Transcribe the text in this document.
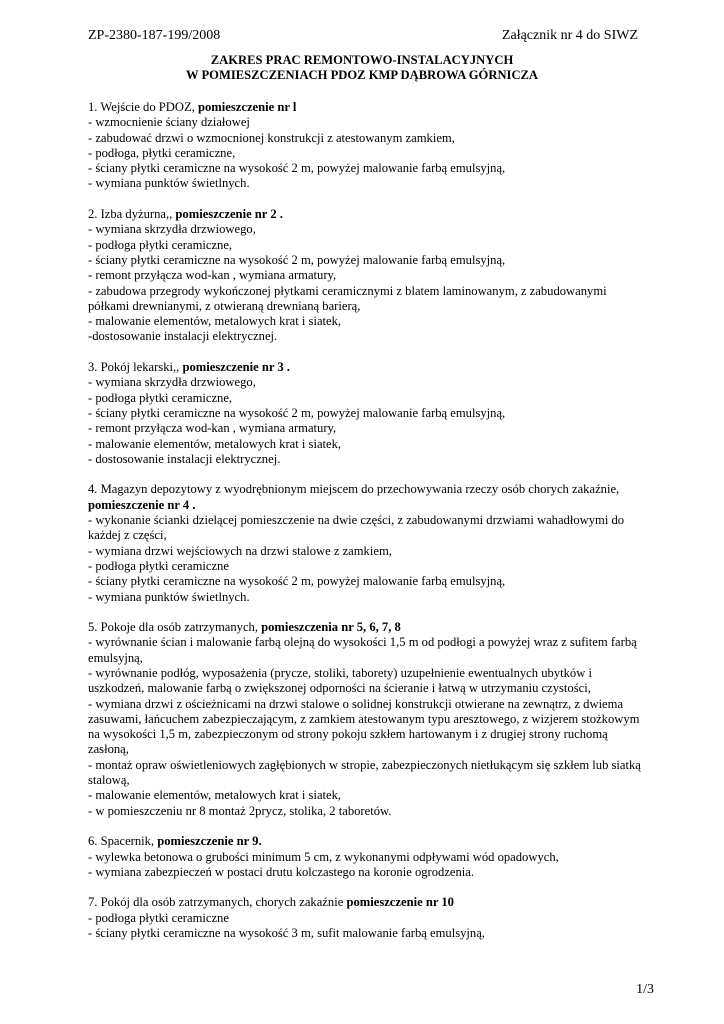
ZP-2380-187-199/2008	Załącznik nr 4 do SIWZ
ZAKRES PRAC REMONTOWO-INSTALACYJNYCH
W POMIESZCZENIACH PDOZ KMP DĄBROWA GÓRNICZA
1. Wejście do PDOZ, pomieszczenie nr l
- wzmocnienie ściany działowej
- zabudować drzwi o wzmocnionej konstrukcji z atestowanym zamkiem,
- podłoga, płytki ceramiczne,
- ściany płytki ceramiczne na wysokość 2 m, powyżej malowanie farbą emulsyjną,
- wymiana punktów świetlnych.
2. Izba dyżurna,, pomieszczenie nr 2 .
- wymiana skrzydła drzwiowego,
- podłoga płytki ceramiczne,
- ściany płytki ceramiczne na wysokość 2 m, powyżej malowanie farbą emulsyjną,
- remont przyłącza wod-kan , wymiana armatury,
- zabudowa przegrody wykończonej płytkami ceramicznymi z blatem laminowanym, z zabudowanymi półkami drewnianymi, z otwieraną drewnianą barierą,
- malowanie elementów, metalowych krat i siatek,
-dostosowanie instalacji elektrycznej.
3. Pokój lekarski,, pomieszczenie nr 3 .
- wymiana skrzydła drzwiowego,
- podłoga płytki ceramiczne,
- ściany płytki ceramiczne na wysokość 2 m, powyżej malowanie farbą emulsyjną,
- remont przyłącza wod-kan , wymiana armatury,
- malowanie elementów, metalowych krat i siatek,
- dostosowanie instalacji elektrycznej.
4. Magazyn depozytowy z wyodrębnionym miejscem do przechowywania rzeczy osób chorych zakaźnie, pomieszczenie nr 4 .
- wykonanie ścianki dzielącej pomieszczenie na dwie części, z zabudowanymi drzwiami wahadłowymi do każdej z części,
- wymiana drzwi wejściowych na drzwi stalowe z zamkiem,
- podłoga płytki ceramiczne
- ściany płytki ceramiczne na wysokość 2 m, powyżej malowanie farbą emulsyjną,
- wymiana punktów świetlnych.
5. Pokoje dla osób zatrzymanych, pomieszczenia nr 5, 6, 7, 8
- wyrównanie ścian i malowanie farbą olejną do wysokości 1,5 m od podłogi a powyżej wraz z sufitem farbą emulsyjną,
- wyrównanie podłóg, wyposażenia (prycze, stoliki, taborety) uzupełnienie ewentualnych ubytków i uszkodzeń, malowanie farbą o zwiększonej odporności na ścieranie i łatwą w utrzymaniu czystości,
- wymiana drzwi z ościeżnicami na drzwi stalowe o solidnej konstrukcji otwierane na zewnątrz, z dwiema zasuwami, łańcuchem zabezpieczającym, z zamkiem atestowanym typu aresztowego, z wizjerem stożkowym na wysokości 1,5 m, zabezpieczonym od strony pokoju szkłem hartowanym i z drugiej strony ruchomą zasłoną,
- montaż opraw oświetleniowych zagłębionych w stropie, zabezpieczonych nietłukącym się szkłem lub siatką stalową,
- malowanie elementów, metalowych krat i siatek,
- w pomieszczeniu nr 8 montaż 2prycz, stolika, 2 taboretów.
6. Spacernik, pomieszczenie nr 9.
- wylewka betonowa o grubości minimum 5 cm, z wykonanymi odpływami wód opadowych,
- wymiana zabezpieczeń w postaci drutu kolczastego na koronie ogrodzenia.
7. Pokój dla osób zatrzymanych, chorych zakaźnie pomieszczenie nr 10
- podłoga płytki ceramiczne
- ściany płytki ceramiczne na wysokość 3 m, sufit malowanie farbą emulsyjną,
1/3
